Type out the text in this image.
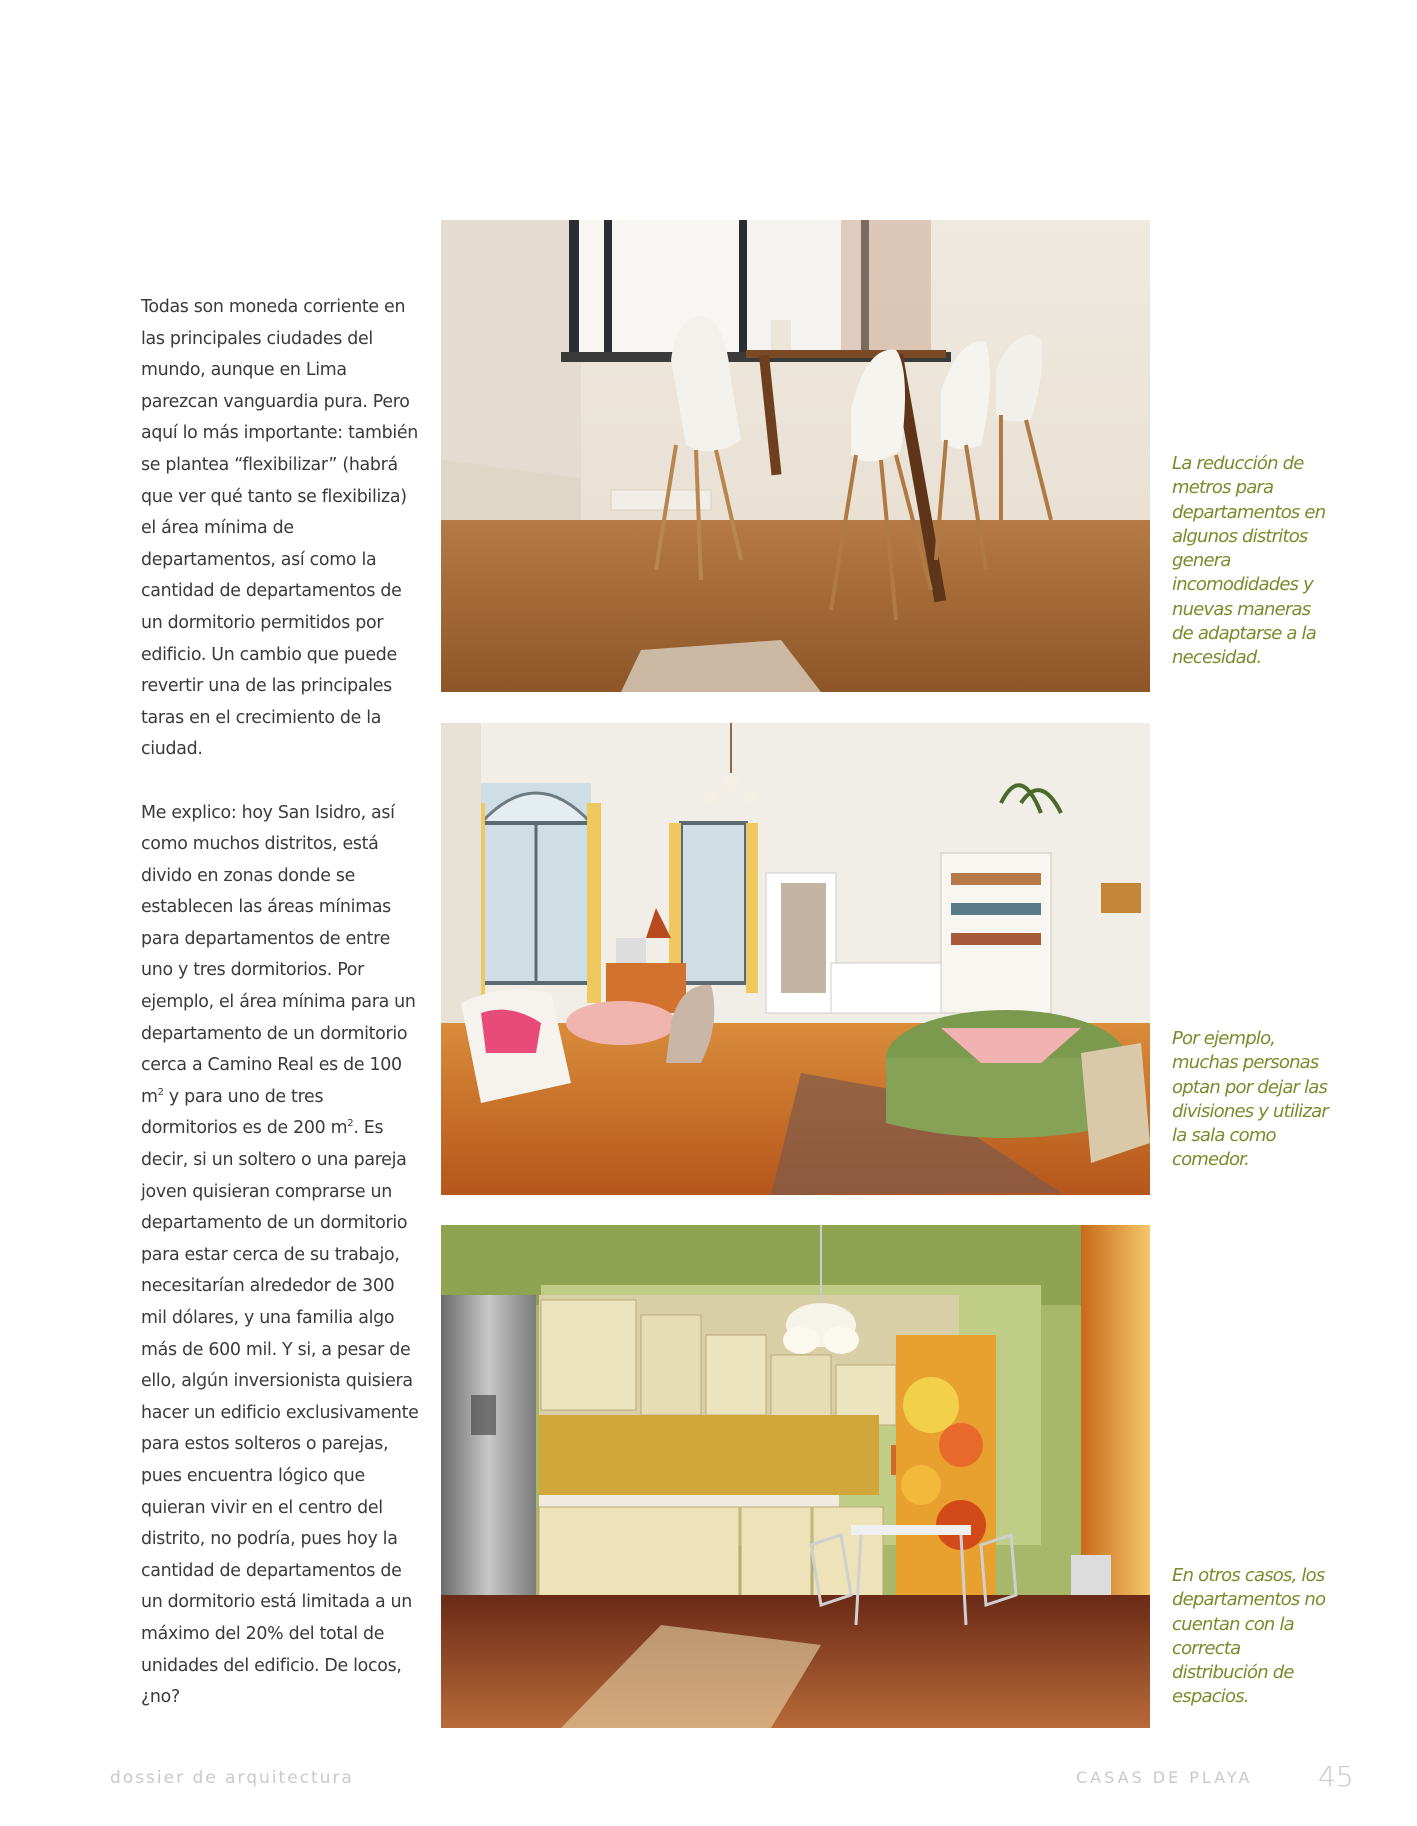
Todas son moneda corriente en las principales ciudades del mundo, aunque en Lima parezcan vanguardia pura. Pero aquí lo más importante: también se plantea “flexibilizar” (habrá que ver qué tanto se flexibiliza) el área mínima de departamentos, así como la cantidad de departamentos de un dormitorio permitidos por edificio. Un cambio que puede revertir una de las principales taras en el crecimiento de la ciudad.

Me explico: hoy San Isidro, así como muchos distritos, está divido en zonas donde se establecen las áreas mínimas para departamentos de entre uno y tres dormitorios. Por ejemplo, el área mínima para un departamento de un dormitorio cerca a Camino Real es de 100 $m^2$ y para uno de tres dormitorios es de 200 $m^2$. Es decir, si un soltero o una pareja joven quisieran comprarse un departamento de un dormitorio para estar cerca de su trabajo, necesitarían alrededor de 300 mil dólares, y una familia algo más de 600 mil. Y si, a pesar de ello, algún inversionista quisiera hacer un edificio exclusivamente para estos solteros o parejas, pues encuentra lógico que quieran vivir en el centro del distrito, no podría, pues hoy la cantidad de departamentos de un dormitorio está limitada a un máximo del 20% del total de unidades del edificio. De locos, ¿no?

La reducción de metros para departamentos en algunos distritos genera incomodidades y nuevas maneras de adaptarse a la necesidad.
Por ejemplo, muchas personas optan por dejar las divisiones y utilizar la sala como comedor.
En otros casos, los departamentos no cuentan con la correcta distribución de espacios.
dossier de arquitectura	CASAS DE PLAYA 45
